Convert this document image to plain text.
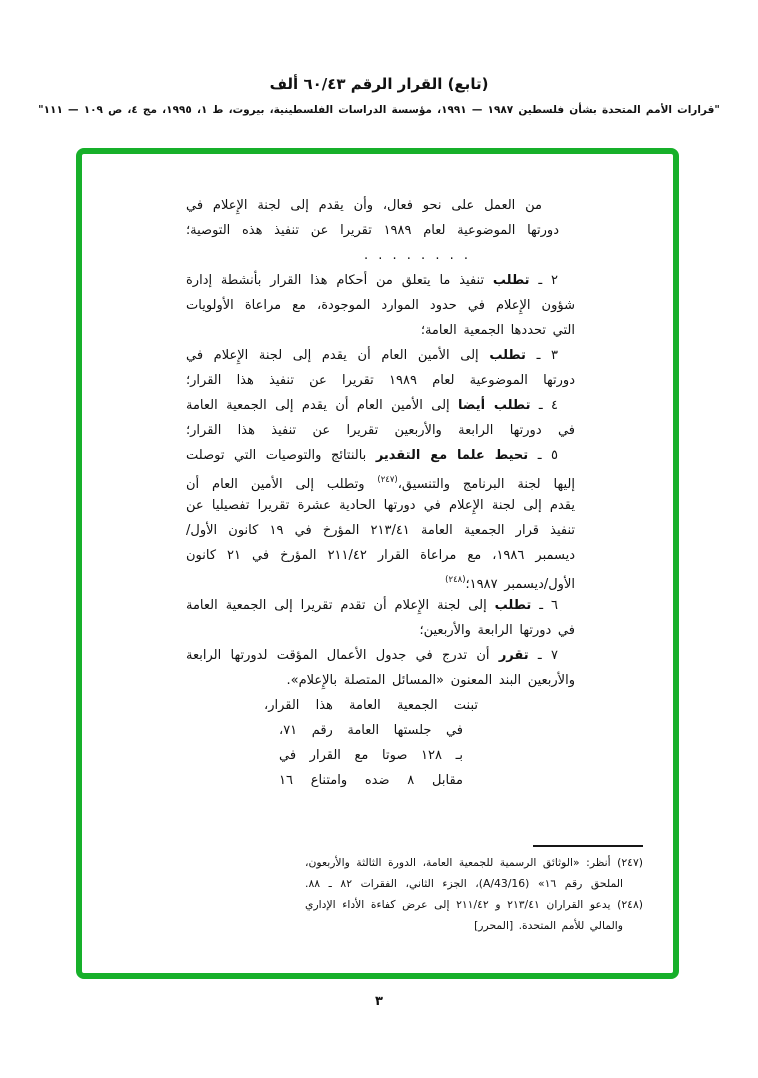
(تابع) القرار الرقم ٦٠/٤٣ ألف
"قرارات الأمم المتحدة بشأن فلسطين ١٩٨٧ — ١٩٩١، مؤسسة الدراسات الفلسطينية، بيروت، ط ١، ١٩٩٥، مج ٤، ص ١٠٩ — ١١١"
من العمل على نحو فعال، وأن يقدم إلى لجنة الإِعلام في
دورتها الموضوعية لعام ١٩٨٩ تقريرا عن تنفيذ هذه التوصية؛
. . . . . . . .
٢ ـ تطلب تنفيذ ما يتعلق من أحكام هذا القرار بأنشطة إدارة
شؤون الإِعلام في حدود الموارد الموجودة، مع مراعاة الأولويات
التي تحددها الجمعية العامة؛
٣ ـ تطلب إلى الأمين العام أن يقدم إلى لجنة الإِعلام في
دورتها الموضوعية لعام ١٩٨٩ تقريرا عن تنفيذ هذا القرار؛
٤ ـ تطلب أيضا إلى الأمين العام أن يقدم إلى الجمعية العامة
في دورتها الرابعة والأربعين تقريرا عن تنفيذ هذا القرار؛
٥ ـ تحيط علما مع التقدير بالنتائج والتوصيات التي توصلت
إليها لجنة البرنامج والتنسيق،$^{(٢٤٧)}$ وتطلب إلى الأمين العام أن
يقدم إلى لجنة الإِعلام في دورتها الحادية عشرة تقريرا تفصيليا عن
تنفيذ قرار الجمعية العامة ٢١٣/٤١ المؤرخ في ١٩ كانون الأول/
ديسمبر ١٩٨٦، مع مراعاة القرار ٢١١/٤٢ المؤرخ في ٢١ كانون
الأول/ديسمبر ١٩٨٧؛$^{(٢٤٨)}$
٦ ـ تطلب إلى لجنة الإِعلام أن تقدم تقريرا إلى الجمعية العامة
في دورتها الرابعة والأربعين؛
٧ ـ تقرر أن تدرج في جدول الأعمال المؤقت لدورتها الرابعة
والأربعين البند المعنون «المسائل المتصلة بالإِعلام».
تبنت الجمعية العامة هذا القرار،
في جلستها العامة رقم ٧١،
بـ ١٢٨ صوتا مع القرار في
مقابل ٨ ضده وامتناع ١٦
(٢٤٧) أنظر: «الوثائق الرسمية للجمعية العامة، الدورة الثالثة والأربعون،
الملحق رقم ١٦» (A/43/16)، الجزء الثاني، الفقرات ٨٢ ـ ٨٨.
(٢٤٨) يدعو القراران ٢١٣/٤١ و ٢١١/٤٢ إلى عرض كفاءة الأداء الإداري
والمالي للأمم المتحدة. [المحرر]
٣
